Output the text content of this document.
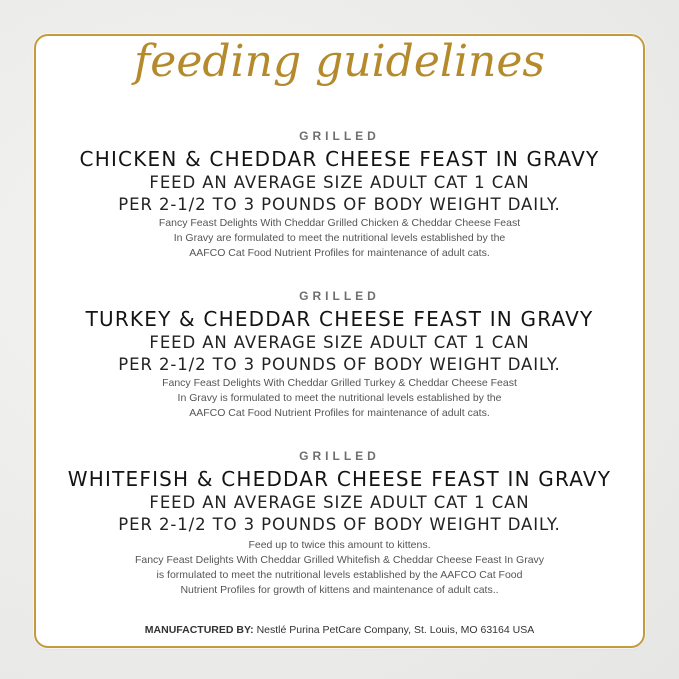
feeding guidelines
GRILLED
CHICKEN & CHEDDAR CHEESE FEAST IN GRAVY
FEED AN AVERAGE SIZE ADULT CAT 1 CAN
PER 2-1/2 TO 3 POUNDS OF BODY WEIGHT DAILY.
Fancy Feast Delights With Cheddar Grilled Chicken & Cheddar Cheese Feast
In Gravy are formulated to meet the nutritional levels established by the
AAFCO Cat Food Nutrient Profiles for maintenance of adult cats.
GRILLED
TURKEY & CHEDDAR CHEESE FEAST IN GRAVY
FEED AN AVERAGE SIZE ADULT CAT 1 CAN
PER 2-1/2 TO 3 POUNDS OF BODY WEIGHT DAILY.
Fancy Feast Delights With Cheddar Grilled Turkey & Cheddar Cheese Feast
In Gravy is formulated to meet the nutritional levels established by the
AAFCO Cat Food Nutrient Profiles for maintenance of adult cats.
GRILLED
WHITEFISH & CHEDDAR CHEESE FEAST IN GRAVY
FEED AN AVERAGE SIZE ADULT CAT 1 CAN
PER 2-1/2 TO 3 POUNDS OF BODY WEIGHT DAILY.
Feed up to twice this amount to kittens.
Fancy Feast Delights With Cheddar Grilled Whitefish & Cheddar Cheese Feast In Gravy
is formulated to meet the nutritional levels established by the AAFCO Cat Food
Nutrient Profiles for growth of kittens and maintenance of adult cats..
MANUFACTURED BY: Nestlé Purina PetCare Company, St. Louis, MO 63164 USA
